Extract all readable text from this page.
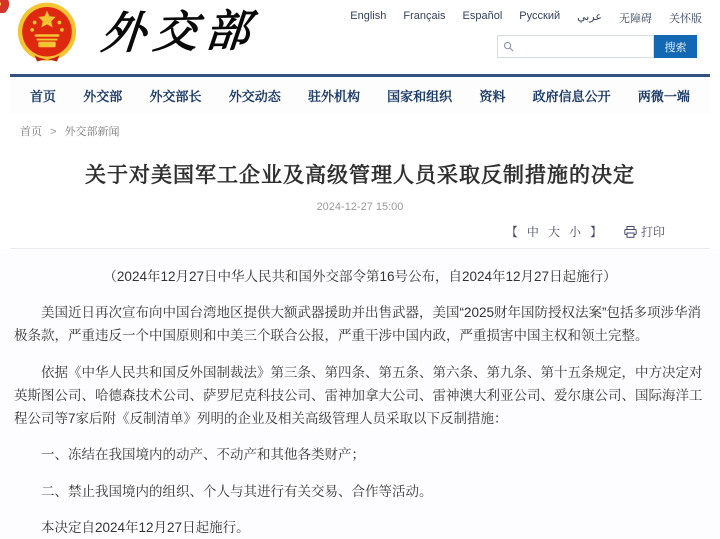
外交部	English Français Español Русский عربي 无障碍 关怀版
搜索
首页 外交部 外交部长 外交动态 驻外机构 国家和组织 资料 政府信息公开 两微一端
首页 > 外交部新闻
关于对美国军工企业及高级管理人员采取反制措施的决定
2024-12-27 15:00
【 中 大 小 】	打印

（2024年12月27日中华人民共和国外交部令第16号公布，自2024年12月27日起施行）

美国近日再次宣布向中国台湾地区提供大额武器援助并出售武器，美国“2025财年国防授权法案”包括多项涉华消极条款，严重违反一个中国原则和中美三个联合公报，严重干涉中国内政，严重损害中国主权和领土完整。

依据《中华人民共和国反外国制裁法》第三条、第四条、第五条、第六条、第九条、第十五条规定，中方决定对英斯图公司、哈德森技术公司、萨罗尼克科技公司、雷神加拿大公司、雷神澳大利亚公司、爱尔康公司、国际海洋工程公司等7家后附《反制清单》列明的企业及相关高级管理人员采取以下反制措施：

一、冻结在我国境内的动产、不动产和其他各类财产；

二、禁止我国境内的组织、个人与其进行有关交易、合作等活动。

本决定自2024年12月27日起施行。
